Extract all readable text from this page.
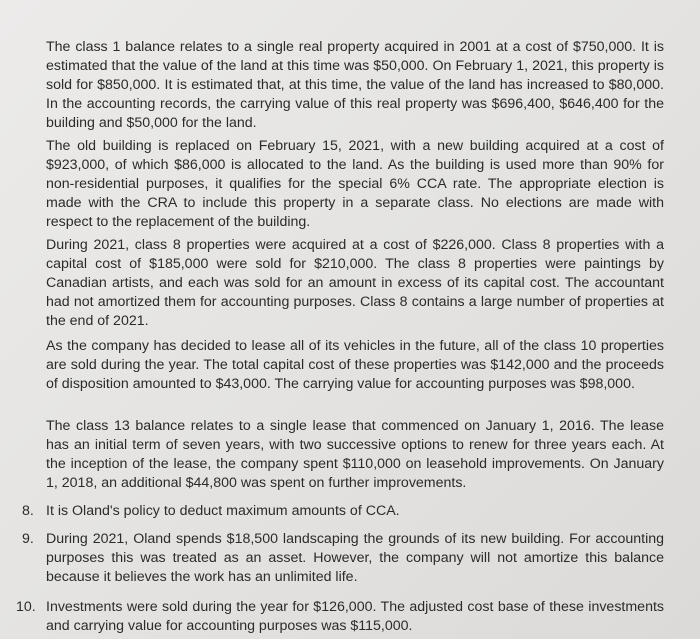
The class 1 balance relates to a single real property acquired in 2001 at a cost of $750,000. It is estimated that the value of the land at this time was $50,000. On February 1, 2021, this property is sold for $850,000. It is estimated that, at this time, the value of the land has increased to $80,000. In the accounting records, the carrying value of this real property was $696,400, $646,400 for the building and $50,000 for the land.

The old building is replaced on February 15, 2021, with a new building acquired at a cost of $923,000, of which $86,000 is allocated to the land. As the building is used more than 90% for non-residential purposes, it qualifies for the special 6% CCA rate. The appropriate election is made with the CRA to include this property in a separate class. No elections are made with respect to the replacement of the building.

During 2021, class 8 properties were acquired at a cost of $226,000. Class 8 properties with a capital cost of $185,000 were sold for $210,000. The class 8 properties were paintings by Canadian artists, and each was sold for an amount in excess of its capital cost. The accountant had not amortized them for accounting purposes. Class 8 contains a large number of properties at the end of 2021.

As the company has decided to lease all of its vehicles in the future, all of the class 10 properties are sold during the year. The total capital cost of these properties was $142,000 and the proceeds of disposition amounted to $43,000. The carrying value for accounting purposes was $98,000.

The class 13 balance relates to a single lease that commenced on January 1, 2016. The lease has an initial term of seven years, with two successive options to renew for three years each. At the inception of the lease, the company spent $110,000 on leasehold improvements. On January 1, 2018, an additional $44,800 was spent on further improvements.

8. It is Oland's policy to deduct maximum amounts of CCA.

9. During 2021, Oland spends $18,500 landscaping the grounds of its new building. For accounting purposes this was treated as an asset. However, the company will not amortize this balance because it believes the work has an unlimited life.

10. Investments were sold during the year for $126,000. The adjusted cost base of these investments and carrying value for accounting purposes was $115,000.
